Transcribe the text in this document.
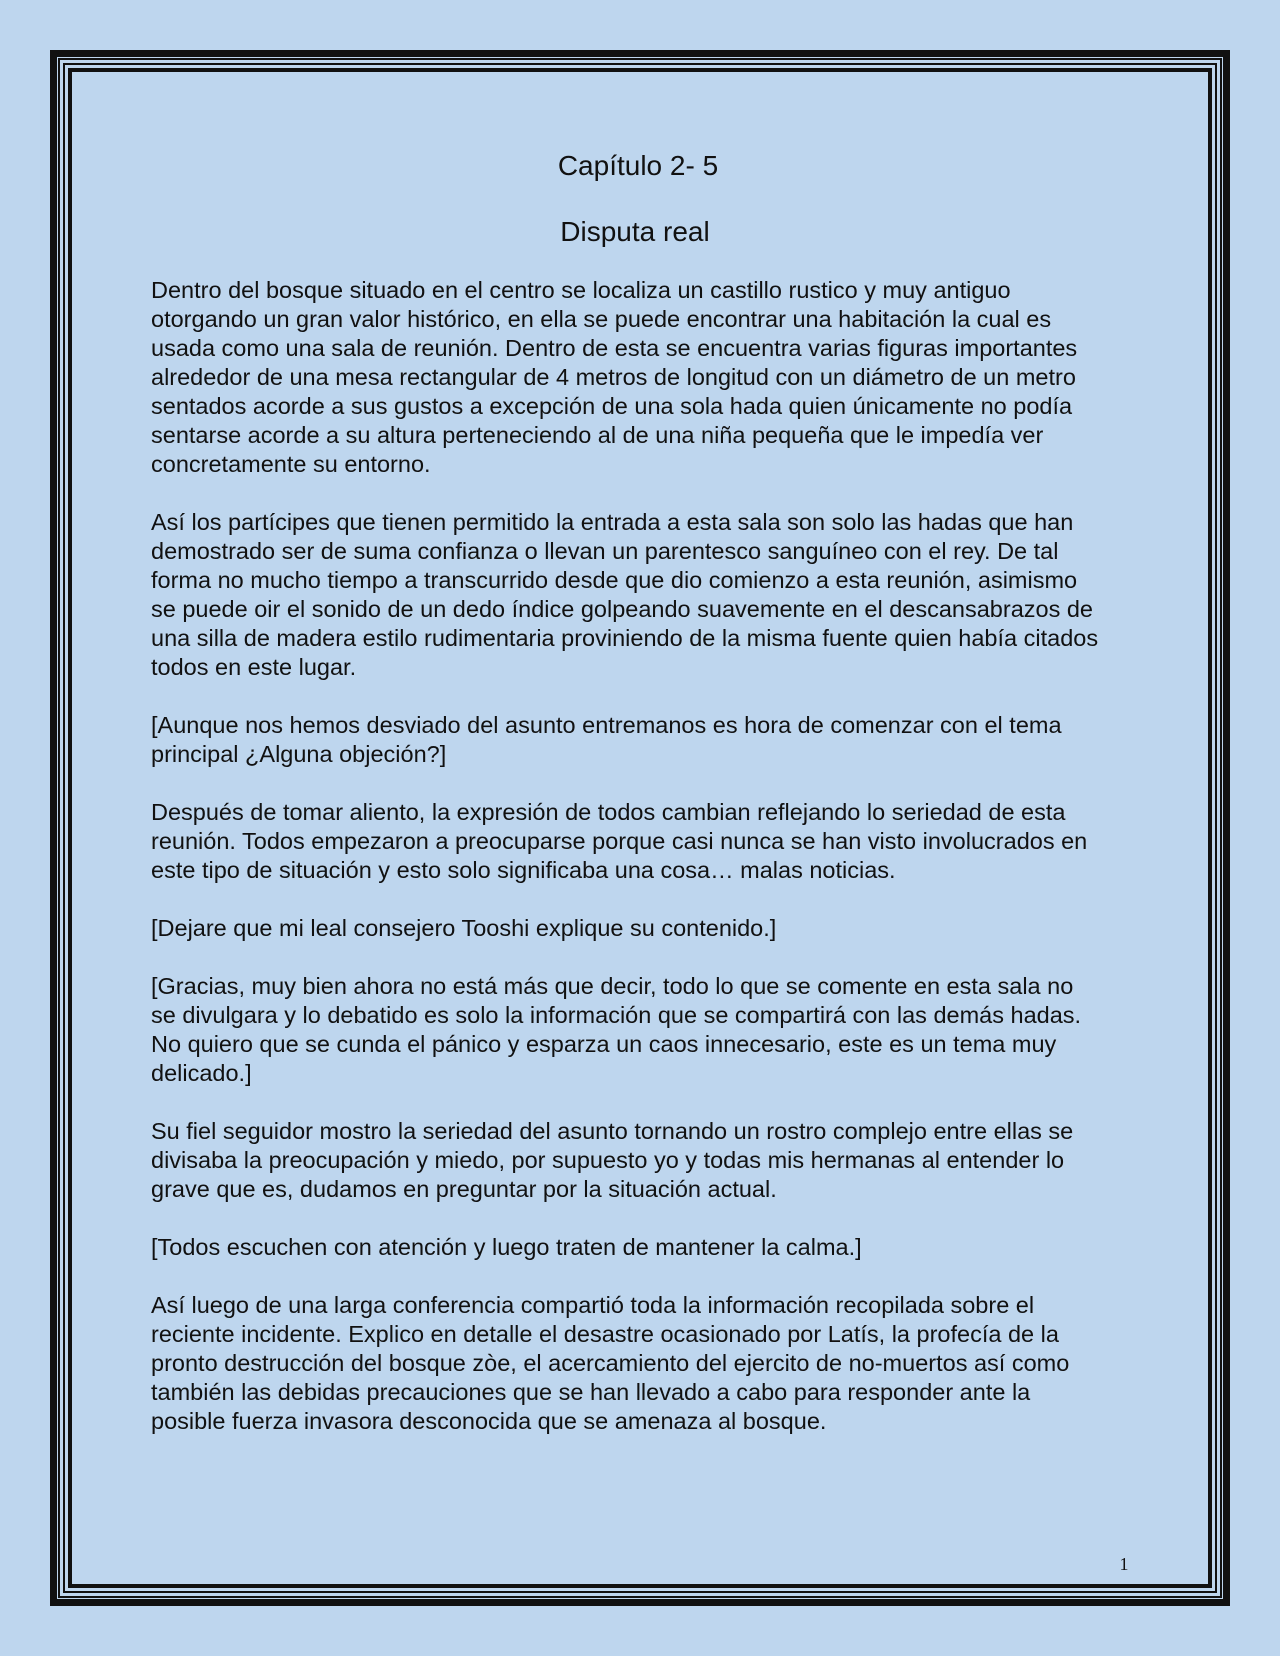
Capítulo 2- 5
Disputa real

Dentro del bosque situado en el centro se localiza un castillo rustico y muy antiguo otorgando un gran valor histórico, en ella se puede encontrar una habitación la cual es usada como una sala de reunión. Dentro de esta se encuentra varias figuras importantes alrededor de una mesa rectangular de 4 metros de longitud con un diámetro de un metro sentados acorde a sus gustos a excepción de una sola hada quien únicamente no podía sentarse acorde a su altura perteneciendo al de una niña pequeña que le impedía ver concretamente su entorno.

Así los partícipes que tienen permitido la entrada a esta sala son solo las hadas que han demostrado ser de suma confianza o llevan un parentesco sanguíneo con el rey. De tal forma no mucho tiempo a transcurrido desde que dio comienzo a esta reunión, asimismo se puede oir el sonido de un dedo índice golpeando suavemente en el descansabrazos de una silla de madera estilo rudimentaria proviniendo de la misma fuente quien había citados todos en este lugar.

[Aunque nos hemos desviado del asunto entremanos es hora de comenzar con el tema principal ¿Alguna objeción?]

Después de tomar aliento, la expresión de todos cambian reflejando lo seriedad de esta reunión. Todos empezaron a preocuparse porque casi nunca se han visto involucrados en este tipo de situación y esto solo significaba una cosa… malas noticias.

[Dejare que mi leal consejero Tooshi explique su contenido.]

[Gracias, muy bien ahora no está más que decir, todo lo que se comente en esta sala no se divulgara y lo debatido es solo la información que se compartirá con las demás hadas. No quiero que se cunda el pánico y esparza un caos innecesario, este es un tema muy delicado.]

Su fiel seguidor mostro la seriedad del asunto tornando un rostro complejo entre ellas se divisaba la preocupación y miedo, por supuesto yo y todas mis hermanas al entender lo grave que es, dudamos en preguntar por la situación actual.

[Todos escuchen con atención y luego traten de mantener la calma.]

Así luego de una larga conferencia compartió toda la información recopilada sobre el reciente incidente. Explico en detalle el desastre ocasionado por Latís, la profecía de la pronto destrucción del bosque zòe, el acercamiento del ejercito de no-muertos así como también las debidas precauciones que se han llevado a cabo para responder ante la posible fuerza invasora desconocida que se amenaza al bosque.

1
